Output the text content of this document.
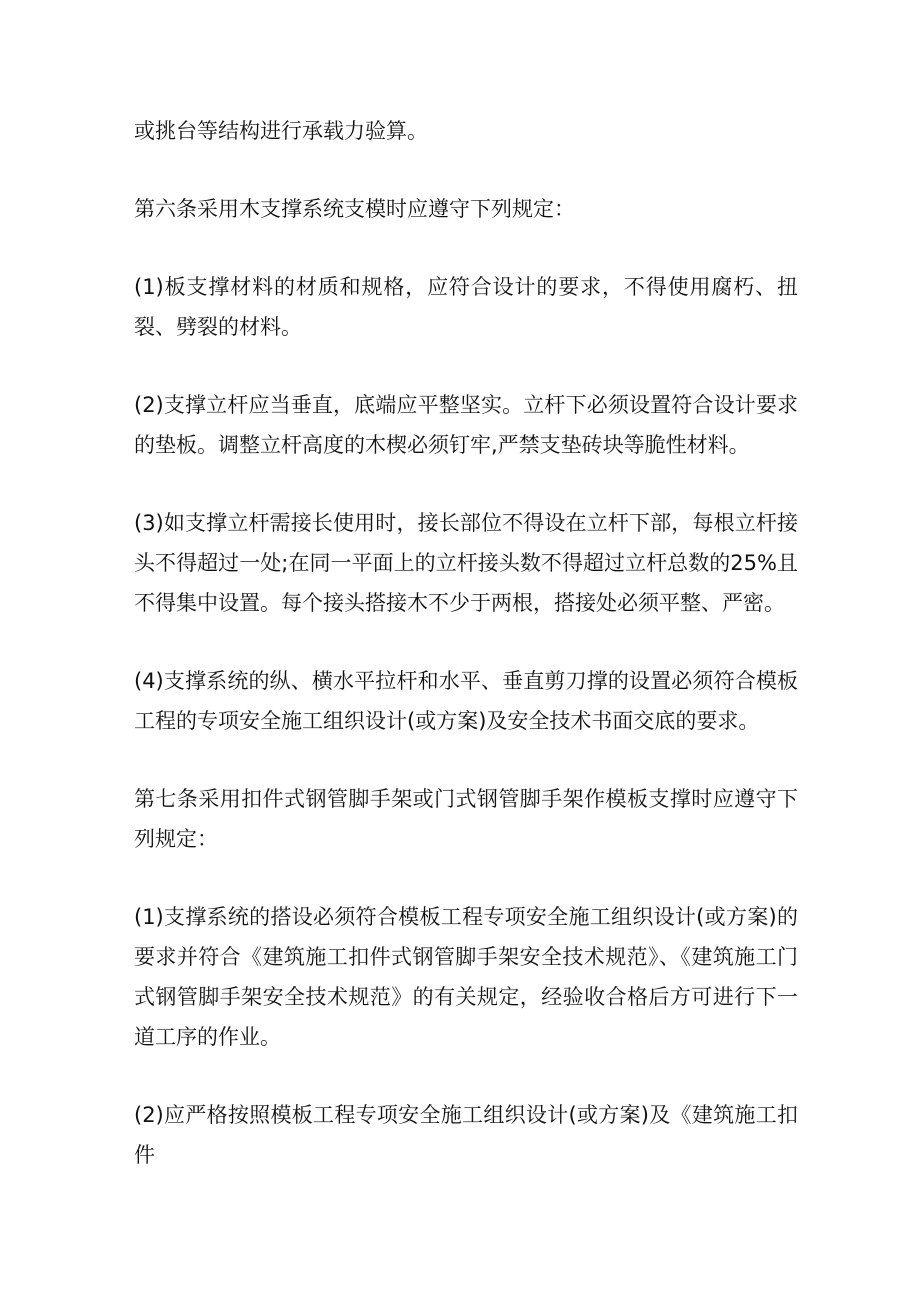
或挑台等结构进行承载力验算。

第六条采用木支撑系统支模时应遵守下列规定：

(1)板支撑材料的材质和规格，应符合设计的要求，不得使用腐朽、扭裂、劈裂的材料。

(2)支撑立杆应当垂直，底端应平整坚实。立杆下必须设置符合设计要求的垫板。调整立杆高度的木楔必须钉牢,严禁支垫砖块等脆性材料。

(3)如支撑立杆需接长使用时，接长部位不得设在立杆下部，每根立杆接头不得超过一处;在同一平面上的立杆接头数不得超过立杆总数的25%且不得集中设置。每个接头搭接木不少于两根，搭接处必须平整、严密。

(4)支撑系统的纵、横水平拉杆和水平、垂直剪刀撑的设置必须符合模板工程的专项安全施工组织设计(或方案)及安全技术书面交底的要求。

第七条采用扣件式钢管脚手架或门式钢管脚手架作模板支撑时应遵守下列规定：

(1)支撑系统的搭设必须符合模板工程专项安全施工组织设计(或方案)的要求并符合《建筑施工扣件式钢管脚手架安全技术规范》、《建筑施工门式钢管脚手架安全技术规范》的有关规定，经验收合格后方可进行下一道工序的作业。

(2)应严格按照模板工程专项安全施工组织设计(或方案)及《建筑施工扣件
